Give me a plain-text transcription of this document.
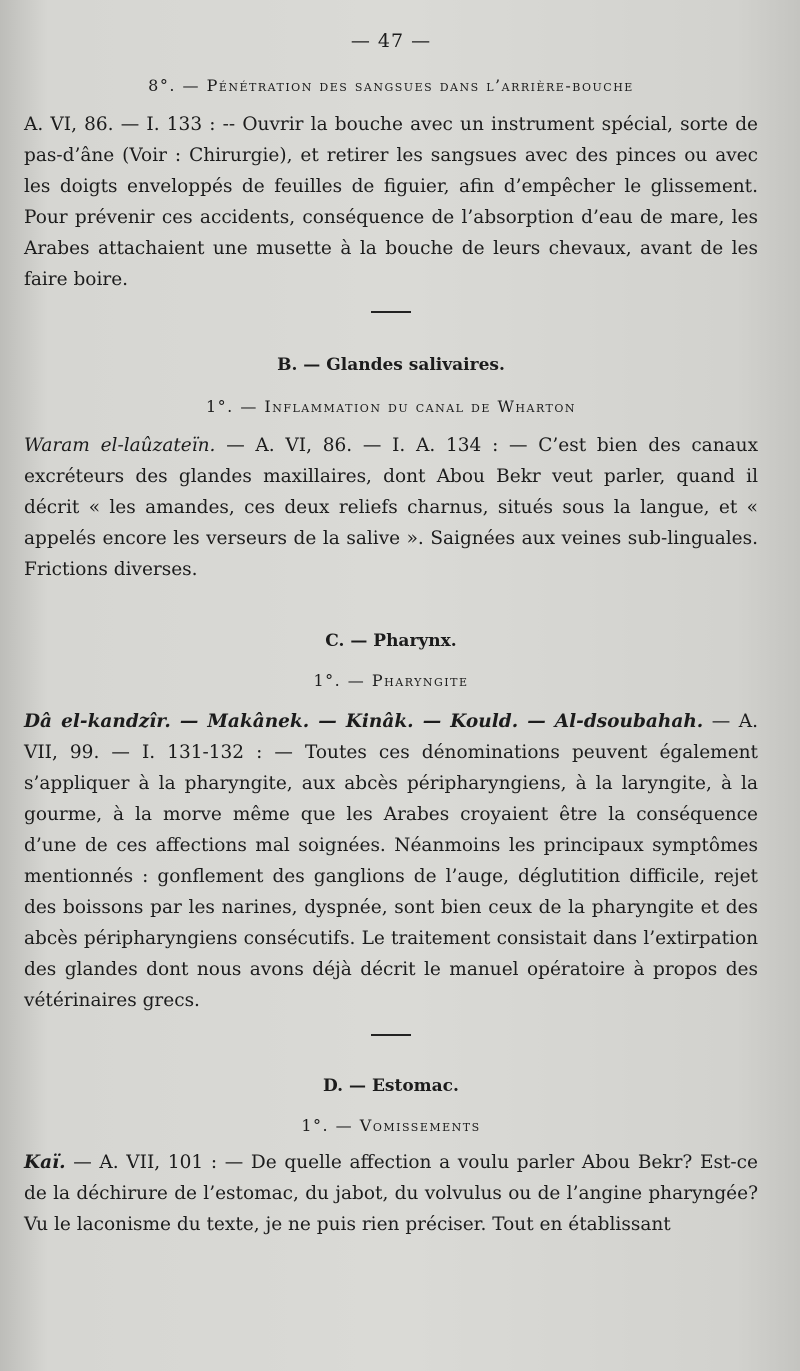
— 47 —
8°. — Pénétration des sangsues dans l’arrière-bouche

A. VI, 86. — I. 133 : -- Ouvrir la bouche avec un instrument spécial, sorte de pas-d’âne (Voir : Chirurgie), et retirer les sangsues avec des pinces ou avec les doigts enveloppés de feuilles de figuier, afin d’empêcher le glissement. Pour prévenir ces accidents, conséquence de l’absorption d’eau de mare, les Arabes attachaient une musette à la bouche de leurs chevaux, avant de les faire boire.

B. — Glandes salivaires.
1°. — Inflammation du canal de Wharton

Waram el-laûzateïn. — A. VI, 86. — I. A. 134 : — C’est bien des canaux excréteurs des glandes maxillaires, dont Abou Bekr veut parler, quand il décrit « les amandes, ces deux reliefs charnus, situés sous la langue, et « appelés encore les verseurs de la salive ». Saignées aux veines sub-linguales. Frictions diverses.

C. — Pharynx.
1°. — Pharyngite

Dâ el-kandzîr. — Makânek. — Kinâk. — Kould. — Al-dsoubahah. — A. VII, 99. — I. 131-132 : — Toutes ces dénominations peuvent également s’appliquer à la pharyngite, aux abcès péripharyngiens, à la laryngite, à la gourme, à la morve même que les Arabes croyaient être la conséquence d’une de ces affections mal soignées. Néanmoins les principaux symptômes mentionnés : gonflement des ganglions de l’auge, déglutition difficile, rejet des boissons par les narines, dyspnée, sont bien ceux de la pharyngite et des abcès péripharyngiens consécutifs. Le traitement consistait dans l’extirpation des glandes dont nous avons déjà décrit le manuel opératoire à propos des vétérinaires grecs.

D. — Estomac.
1°. — Vomissements

Kaï. — A. VII, 101 : — De quelle affection a voulu parler Abou Bekr? Est-ce de la déchirure de l’estomac, du jabot, du volvulus ou de l’angine pharyngée? Vu le laconisme du texte, je ne puis rien préciser. Tout en établissant
